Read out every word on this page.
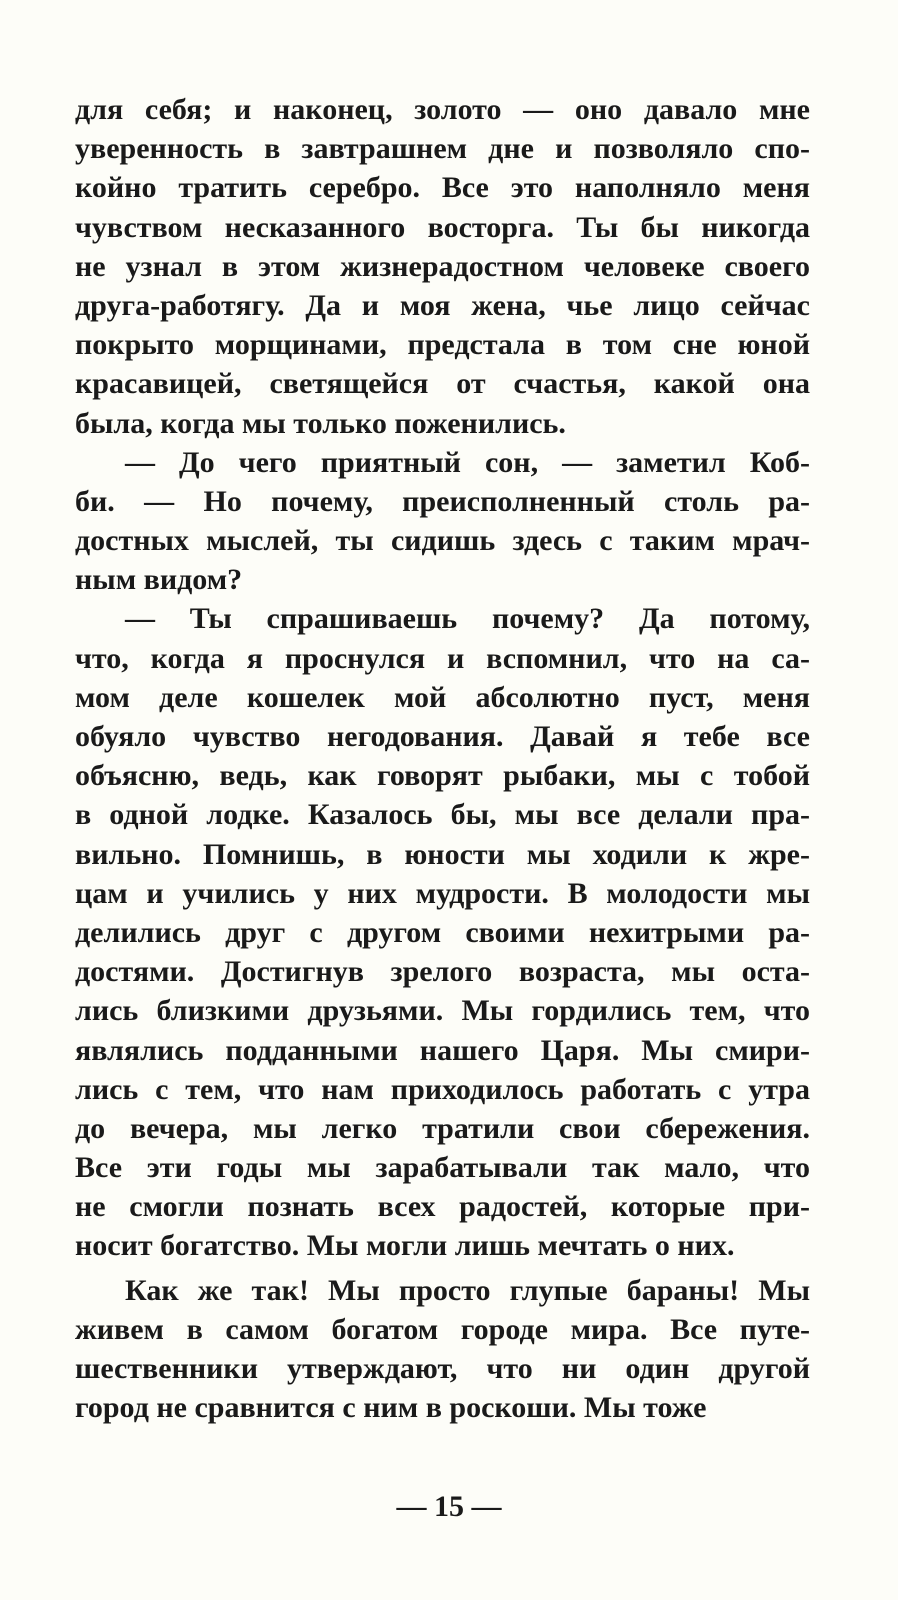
для себя; и наконец, золото — оно давало мне
уверенность в завтрашнем дне и позволяло спо-
койно тратить серебро. Все это наполняло меня
чувством несказанного восторга. Ты бы никогда
не узнал в этом жизнерадостном человеке своего
друга-работягу. Да и моя жена, чье лицо сейчас
покрыто морщинами, предстала в том сне юной
красавицей, светящейся от счастья, какой она
была, когда мы только поженились.
— До чего приятный сон, — заметил Коб-
би. — Но почему, преисполненный столь ра-
достных мыслей, ты сидишь здесь с таким мрач-
ным видом?
— Ты спрашиваешь почему? Да потому,
что, когда я проснулся и вспомнил, что на са-
мом деле кошелек мой абсолютно пуст, меня
обуяло чувство негодования. Давай я тебе все
объясню, ведь, как говорят рыбаки, мы с тобой
в одной лодке. Казалось бы, мы все делали пра-
вильно. Помнишь, в юности мы ходили к жре-
цам и учились у них мудрости. В молодости мы
делились друг с другом своими нехитрыми ра-
достями. Достигнув зрелого возраста, мы оста-
лись близкими друзьями. Мы гордились тем, что
являлись подданными нашего Царя. Мы смири-
лись с тем, что нам приходилось работать с утра
до вечера, мы легко тратили свои сбережения.
Все эти годы мы зарабатывали так мало, что
не смогли познать всех радостей, которые при-
носит богатство. Мы могли лишь мечтать о них.
Как же так! Мы просто глупые бараны! Мы
живем в самом богатом городе мира. Все путе-
шественники утверждают, что ни один другой
город не сравнится с ним в роскоши. Мы тоже
— 15 —
